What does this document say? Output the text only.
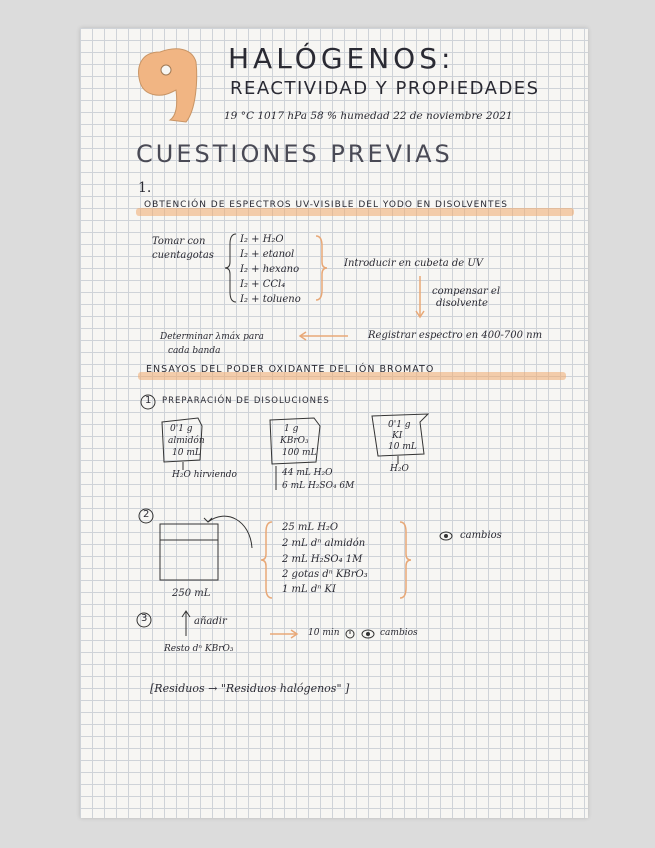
HALÓGENOS:
REACTIVIDAD Y PROPIEDADES
19 °C 1017 hPa 58 % humedad 22 de noviembre 2021
CUESTIONES PREVIAS
1.
OBTENCIÓN DE ESPECTROS UV-VISIBLE DEL YODO EN DISOLVENTES
Tomar con
cuentagotas
I₂ + H₂O
I₂ + etanol
I₂ + hexano
I₂ + CCl₄
I₂ + tolueno
Introducir en cubeta de UV
compensar el
disolvente
Registrar espectro en 400-700 nm
Determinar λmáx para
cada banda
ENSAYOS DEL PODER OXIDANTE DEL IÓN BROMATO
1 PREPARACIÓN DE DISOLUCIONES
0'1 g
almidón
10 mL
H₂O hirviendo
1 g
KBrO₃
100 mL
44 mL H₂O
6 mL H₂SO₄ 6M
0'1 g
KI
10 mL
H₂O
2
250 mL
25 mL H₂O
2 mL dⁿ almidón
2 mL H₂SO₄ 1M
2 gotas dⁿ KBrO₃
1 mL dⁿ KI
cambios
3	añadir
Resto dⁿ KBrO₃
10 min	cambios
[Residuos → "Residuos halógenos" ]
